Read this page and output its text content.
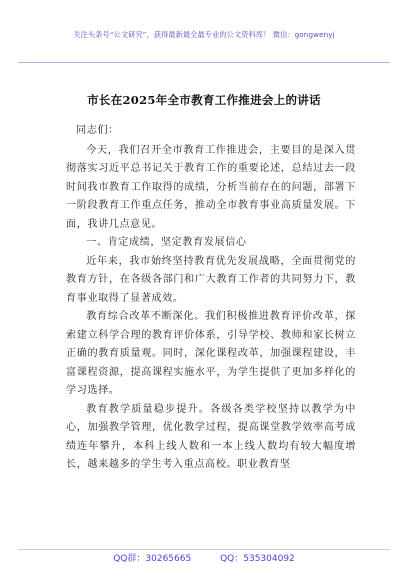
关注头条号“公文研究”，获得最新最全最专业的公文资料库！ 微信：gongwenyj
市长在2025年全市教育工作推进会上的讲话

同志们：

今天，我们召开全市教育工作推进会，主要目的是深入贯彻落实习近平总书记关于教育工作的重要论述，总结过去一段时间我市教育工作取得的成绩，分析当前存在的问题，部署下一阶段教育工作重点任务，推动全市教育事业高质量发展。下面，我讲几点意见。

一、肯定成绩，坚定教育发展信心

近年来，我市始终坚持教育优先发展战略，全面贯彻党的教育方针，在各级各部门和广大教育工作者的共同努力下，教育事业取得了显著成效。

教育综合改革不断深化。我们积极推进教育评价改革，探索建立科学合理的教育评价体系，引导学校、教师和家长树立正确的教育质量观。同时，深化课程改革，加强课程建设，丰富课程资源，提高课程实施水平，为学生提供了更加多样化的学习选择。

教育教学质量稳步提升。各级各类学校坚持以教学为中心，加强教学管理，优化教学过程，提高课堂教学效率高考成绩连年攀升，本科上线人数和一本上线人数均有较大幅度增长，越来越多的学生考入重点高校。职业教育坚

QQ群：30265665	QQ：535304092
